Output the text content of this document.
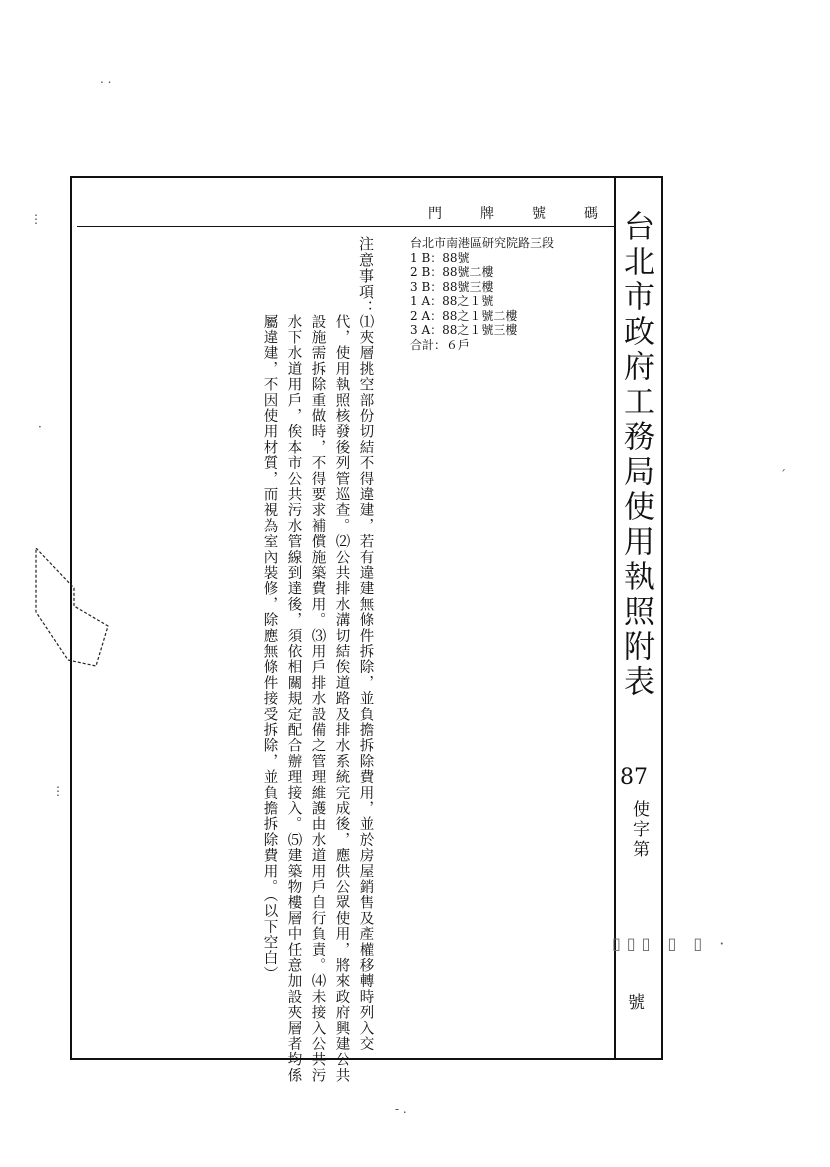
台北市政府工務局使用執照附表
87
使字第
▯▯▯ ▯ ▯ ·
號
門	牌	號	碼
台北市南港區研究院路三段
1 B：88號
2 B：88號二樓
3 B：88號三樓
1 A：88之１號
2 A：88之１號二樓
3 A：88之１號三樓
合計：６戶
注意事項：
⑴夾層挑空部份切結不得違建，若有違建無條件拆除，並負擔拆除費用，並於房屋銷售及產權移轉時列入交
代，使用執照核發後列管巡查。⑵公共排水溝切結俟道路及排水系統完成後，應供公眾使用，將來政府興建公共
設施需拆除重做時，不得要求補償施築費用。⑶用戶排水設備之管理維護由水道用戶自行負責。⑷未接入公共污
水下水道用戶，俟本市公共污水管線到達後，須依相關規定配合辦理接入。⑸建築物樓層中任意加設夾層者均係
屬違建，不因使用材質，而視為室內裝修，除應無條件接受拆除，並負擔拆除費用。（以下空白）
⋮
·
⋮
ˊ
- .
. .
